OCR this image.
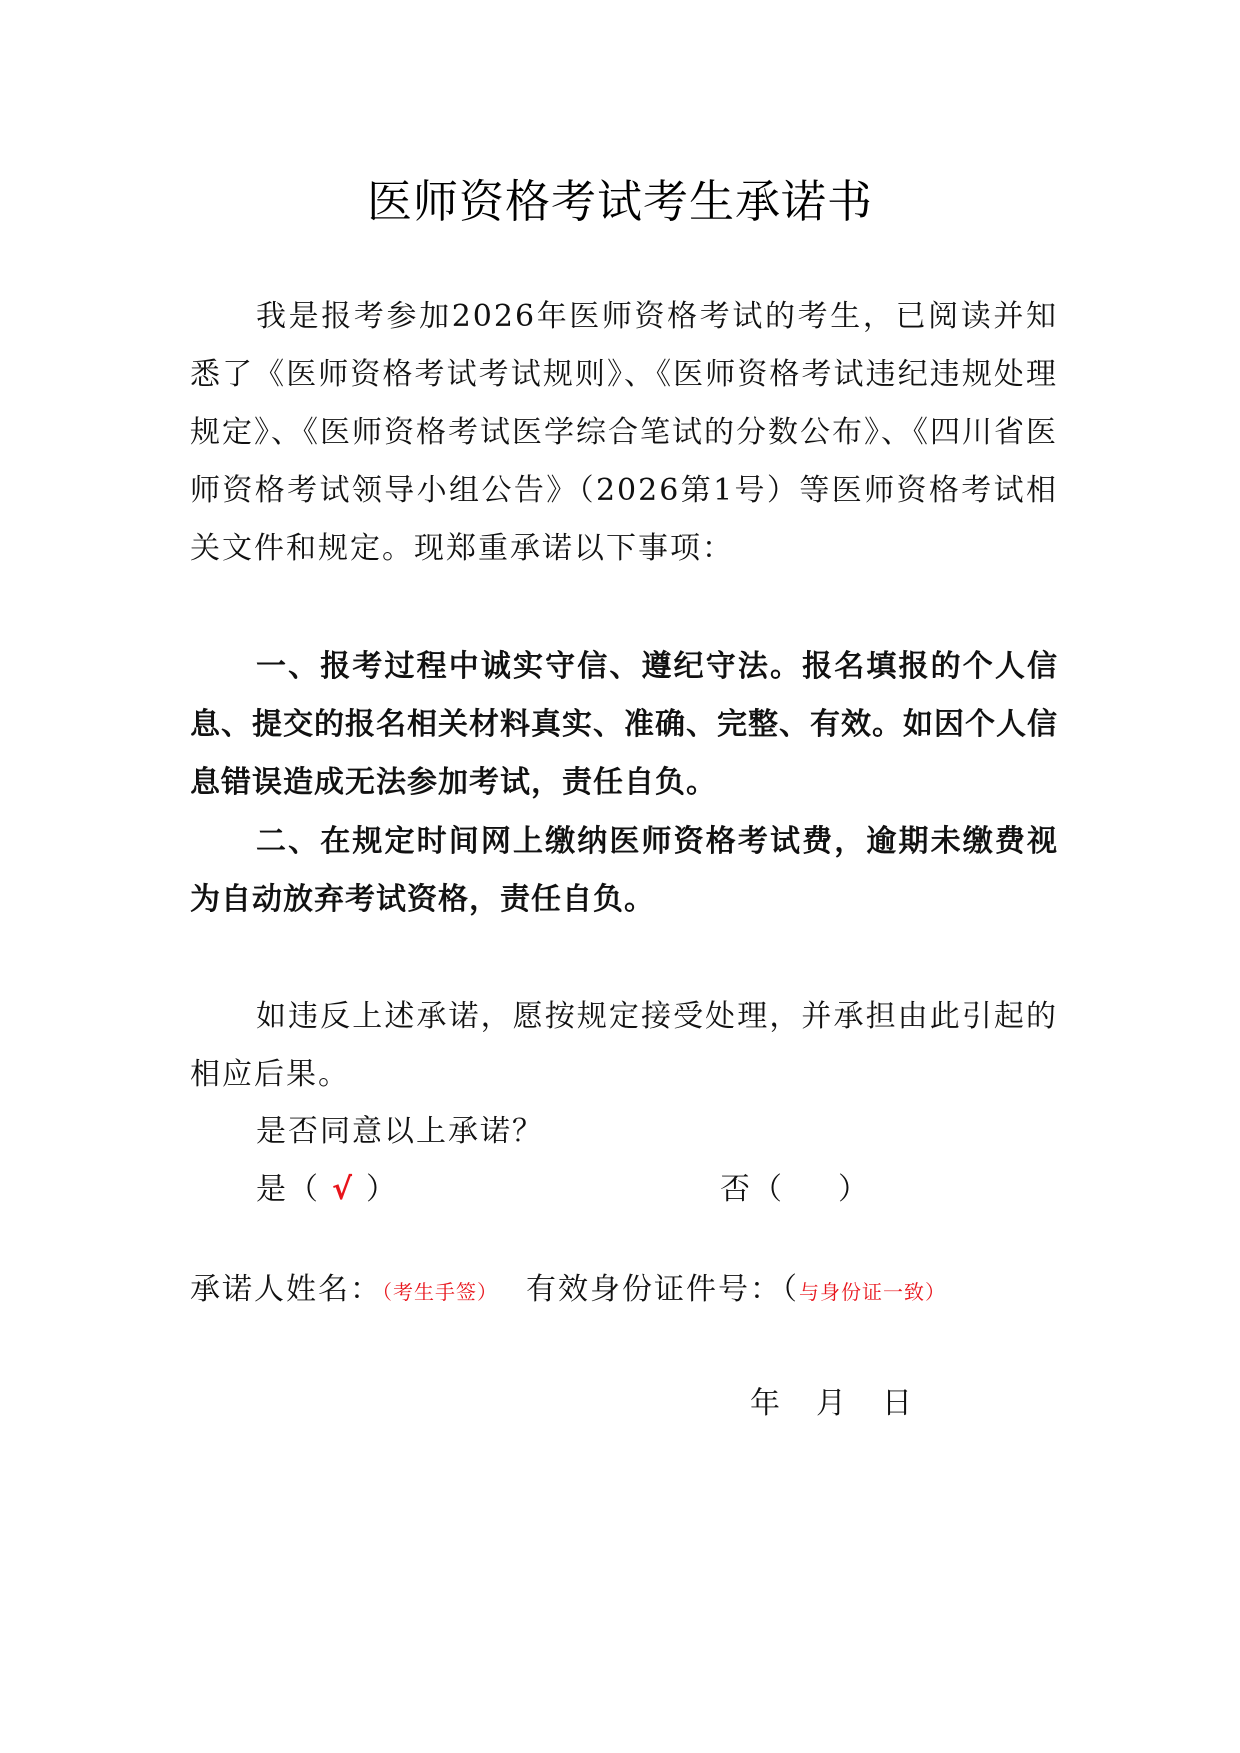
医师资格考试考生承诺书
我是报考参加2026年医师资格考试的考生，已阅读并知悉了《医师资格考试考试规则》、《医师资格考试违纪违规处理规定》、《医师资格考试医学综合笔试的分数公布》、《四川省医师资格考试领导小组公告》（2026第1号）等医师资格考试相关文件和规定。现郑重承诺以下事项：
一、报考过程中诚实守信、遵纪守法。报名填报的个人信息、提交的报名相关材料真实、准确、完整、有效。如因个人信息错误造成无法参加考试，责任自负。
二、在规定时间网上缴纳医师资格考试费，逾期未缴费视为自动放弃考试资格，责任自负。
如违反上述承诺，愿按规定接受处理，并承担由此引起的相应后果。
是否同意以上承诺？
是（ √ ）	否（ ）
承诺人姓名：（考生手签） 有效身份证件号：（与身份证一致）
年 月 日
